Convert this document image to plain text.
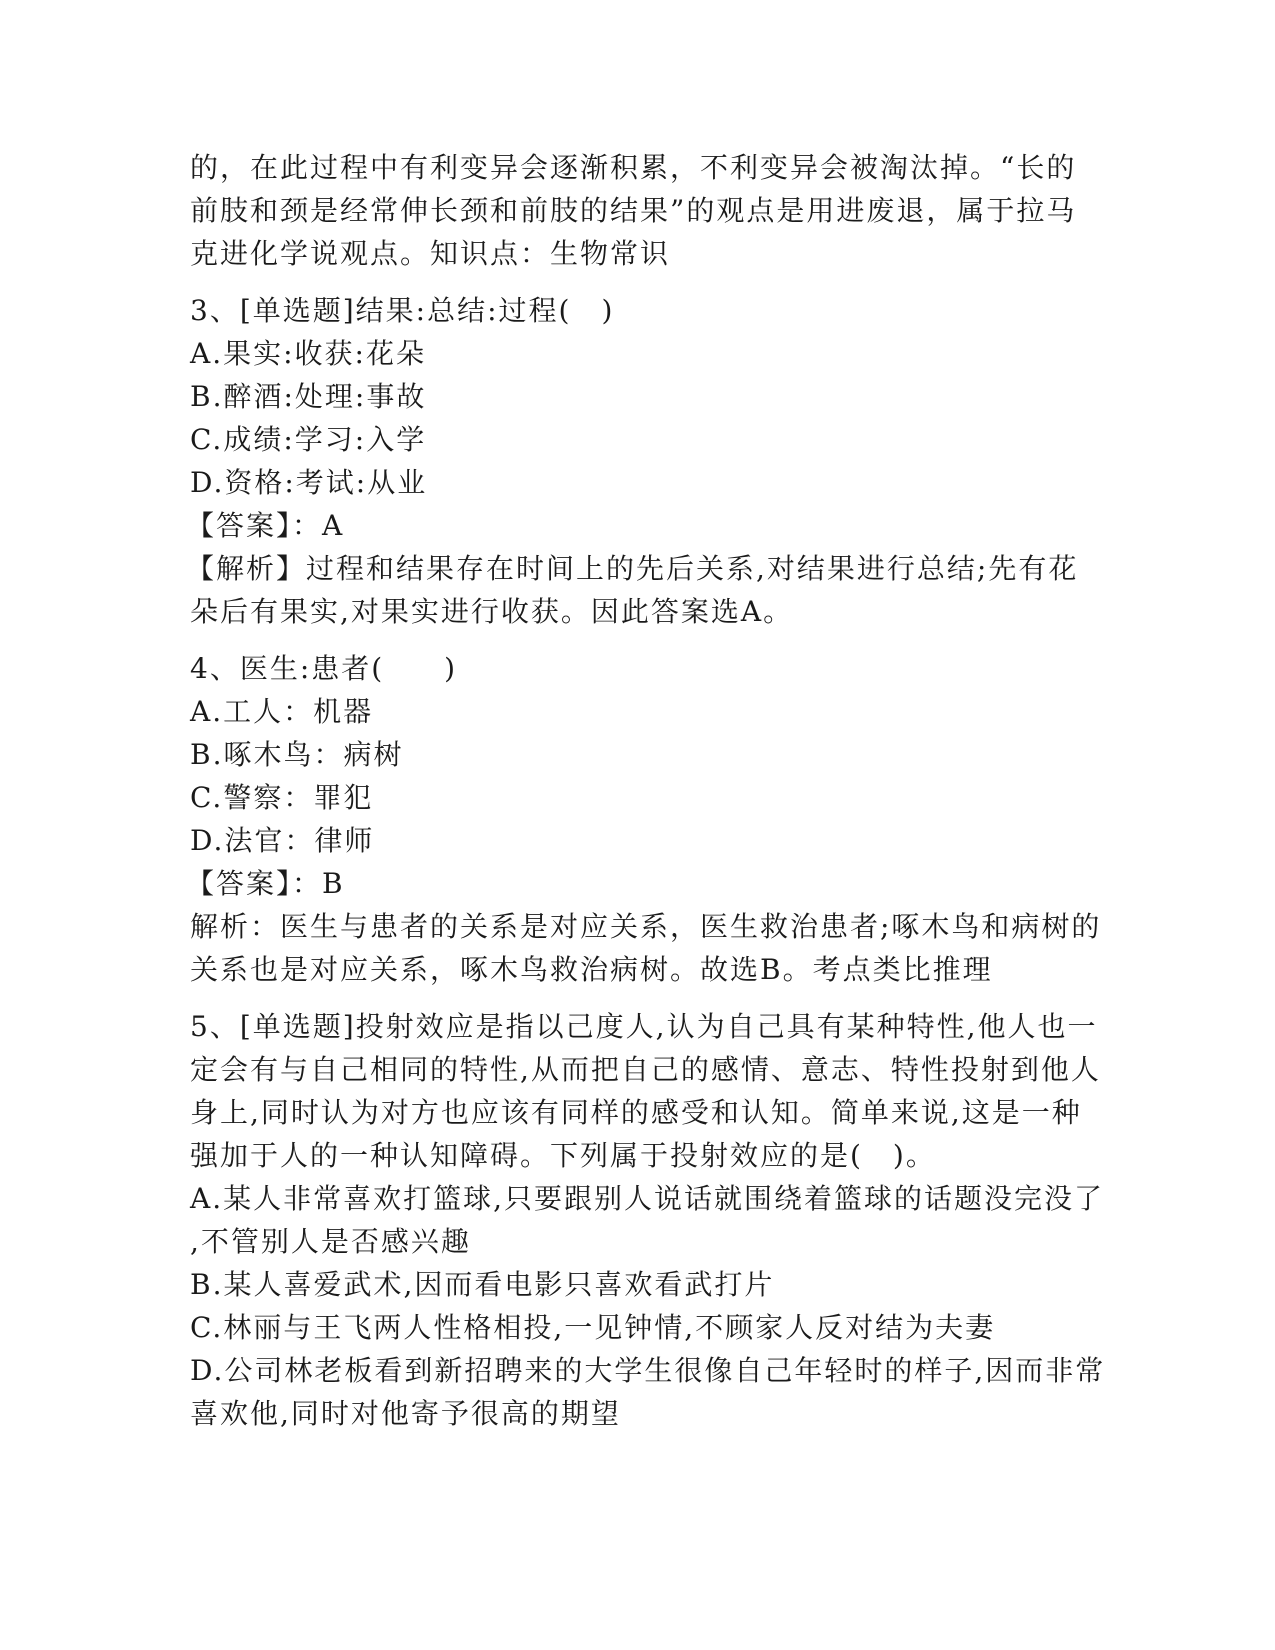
的，在此过程中有利变异会逐渐积累，不利变异会被淘汰掉。“长的
前肢和颈是经常伸长颈和前肢的结果”的观点是用进废退，属于拉马
克进化学说观点。知识点：生物常识
3、[单选题]结果:总结:过程(　)
A.果实:收获:花朵
B.醉酒:处理:事故
C.成绩:学习:入学
D.资格:考试:从业
【答案】：A
【解析】过程和结果存在时间上的先后关系,对结果进行总结;先有花
朵后有果实,对果实进行收获。因此答案选A。
4、医生:患者(　　)
A.工人：机器
B.啄木鸟：病树
C.警察：罪犯
D.法官：律师
【答案】：B
解析：医生与患者的关系是对应关系，医生救治患者;啄木鸟和病树的
关系也是对应关系，啄木鸟救治病树。故选B。考点类比推理
5、[单选题]投射效应是指以己度人,认为自己具有某种特性,他人也一
定会有与自己相同的特性,从而把自己的感情、意志、特性投射到他人
身上,同时认为对方也应该有同样的感受和认知。简单来说,这是一种
强加于人的一种认知障碍。下列属于投射效应的是(　)。
A.某人非常喜欢打篮球,只要跟别人说话就围绕着篮球的话题没完没了
,不管别人是否感兴趣
B.某人喜爱武术,因而看电影只喜欢看武打片
C.林丽与王飞两人性格相投,一见钟情,不顾家人反对结为夫妻
D.公司林老板看到新招聘来的大学生很像自己年轻时的样子,因而非常
喜欢他,同时对他寄予很高的期望
